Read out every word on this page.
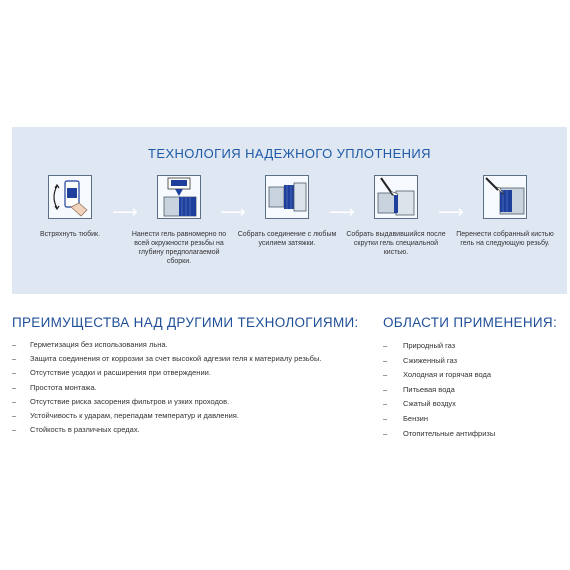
ТЕХНОЛОГИЯ НАДЕЖНОГО УПЛОТНЕНИЯ
Встряхнуть тюбик.
⟶
Нанести гель равномерно по всей окружности резьбы на глубину предполагаемой сборки.
⟶
Собрать соединение с любым усилием затяжки.
⟶
Собрать выдавившийся после скрутки гель специальной кистью.
⟶
Перенести собранный кистью гель на следующую резьбу.
ПРЕИМУЩЕСТВА НАД ДРУГИМИ ТЕХНОЛОГИЯМИ:
– Герметизация без использования льна.
– Защита соединения от коррозии за счет высокой адгезии геля к материалу резьбы.
– Отсутствие усадки и расширения при отверждении.
– Простота монтажа.
– Отсутствие риска засорения фильтров и узких проходов.
– Устойчивость к ударам, перепадам температур и давления.
– Стойкость в различных средах.
ОБЛАСТИ ПРИМЕНЕНИЯ:
– Природный газ
– Сжиженный газ
– Холодная и горячая вода
– Питьевая вода
– Сжатый воздух
– Бензин
– Отопительные антифризы
